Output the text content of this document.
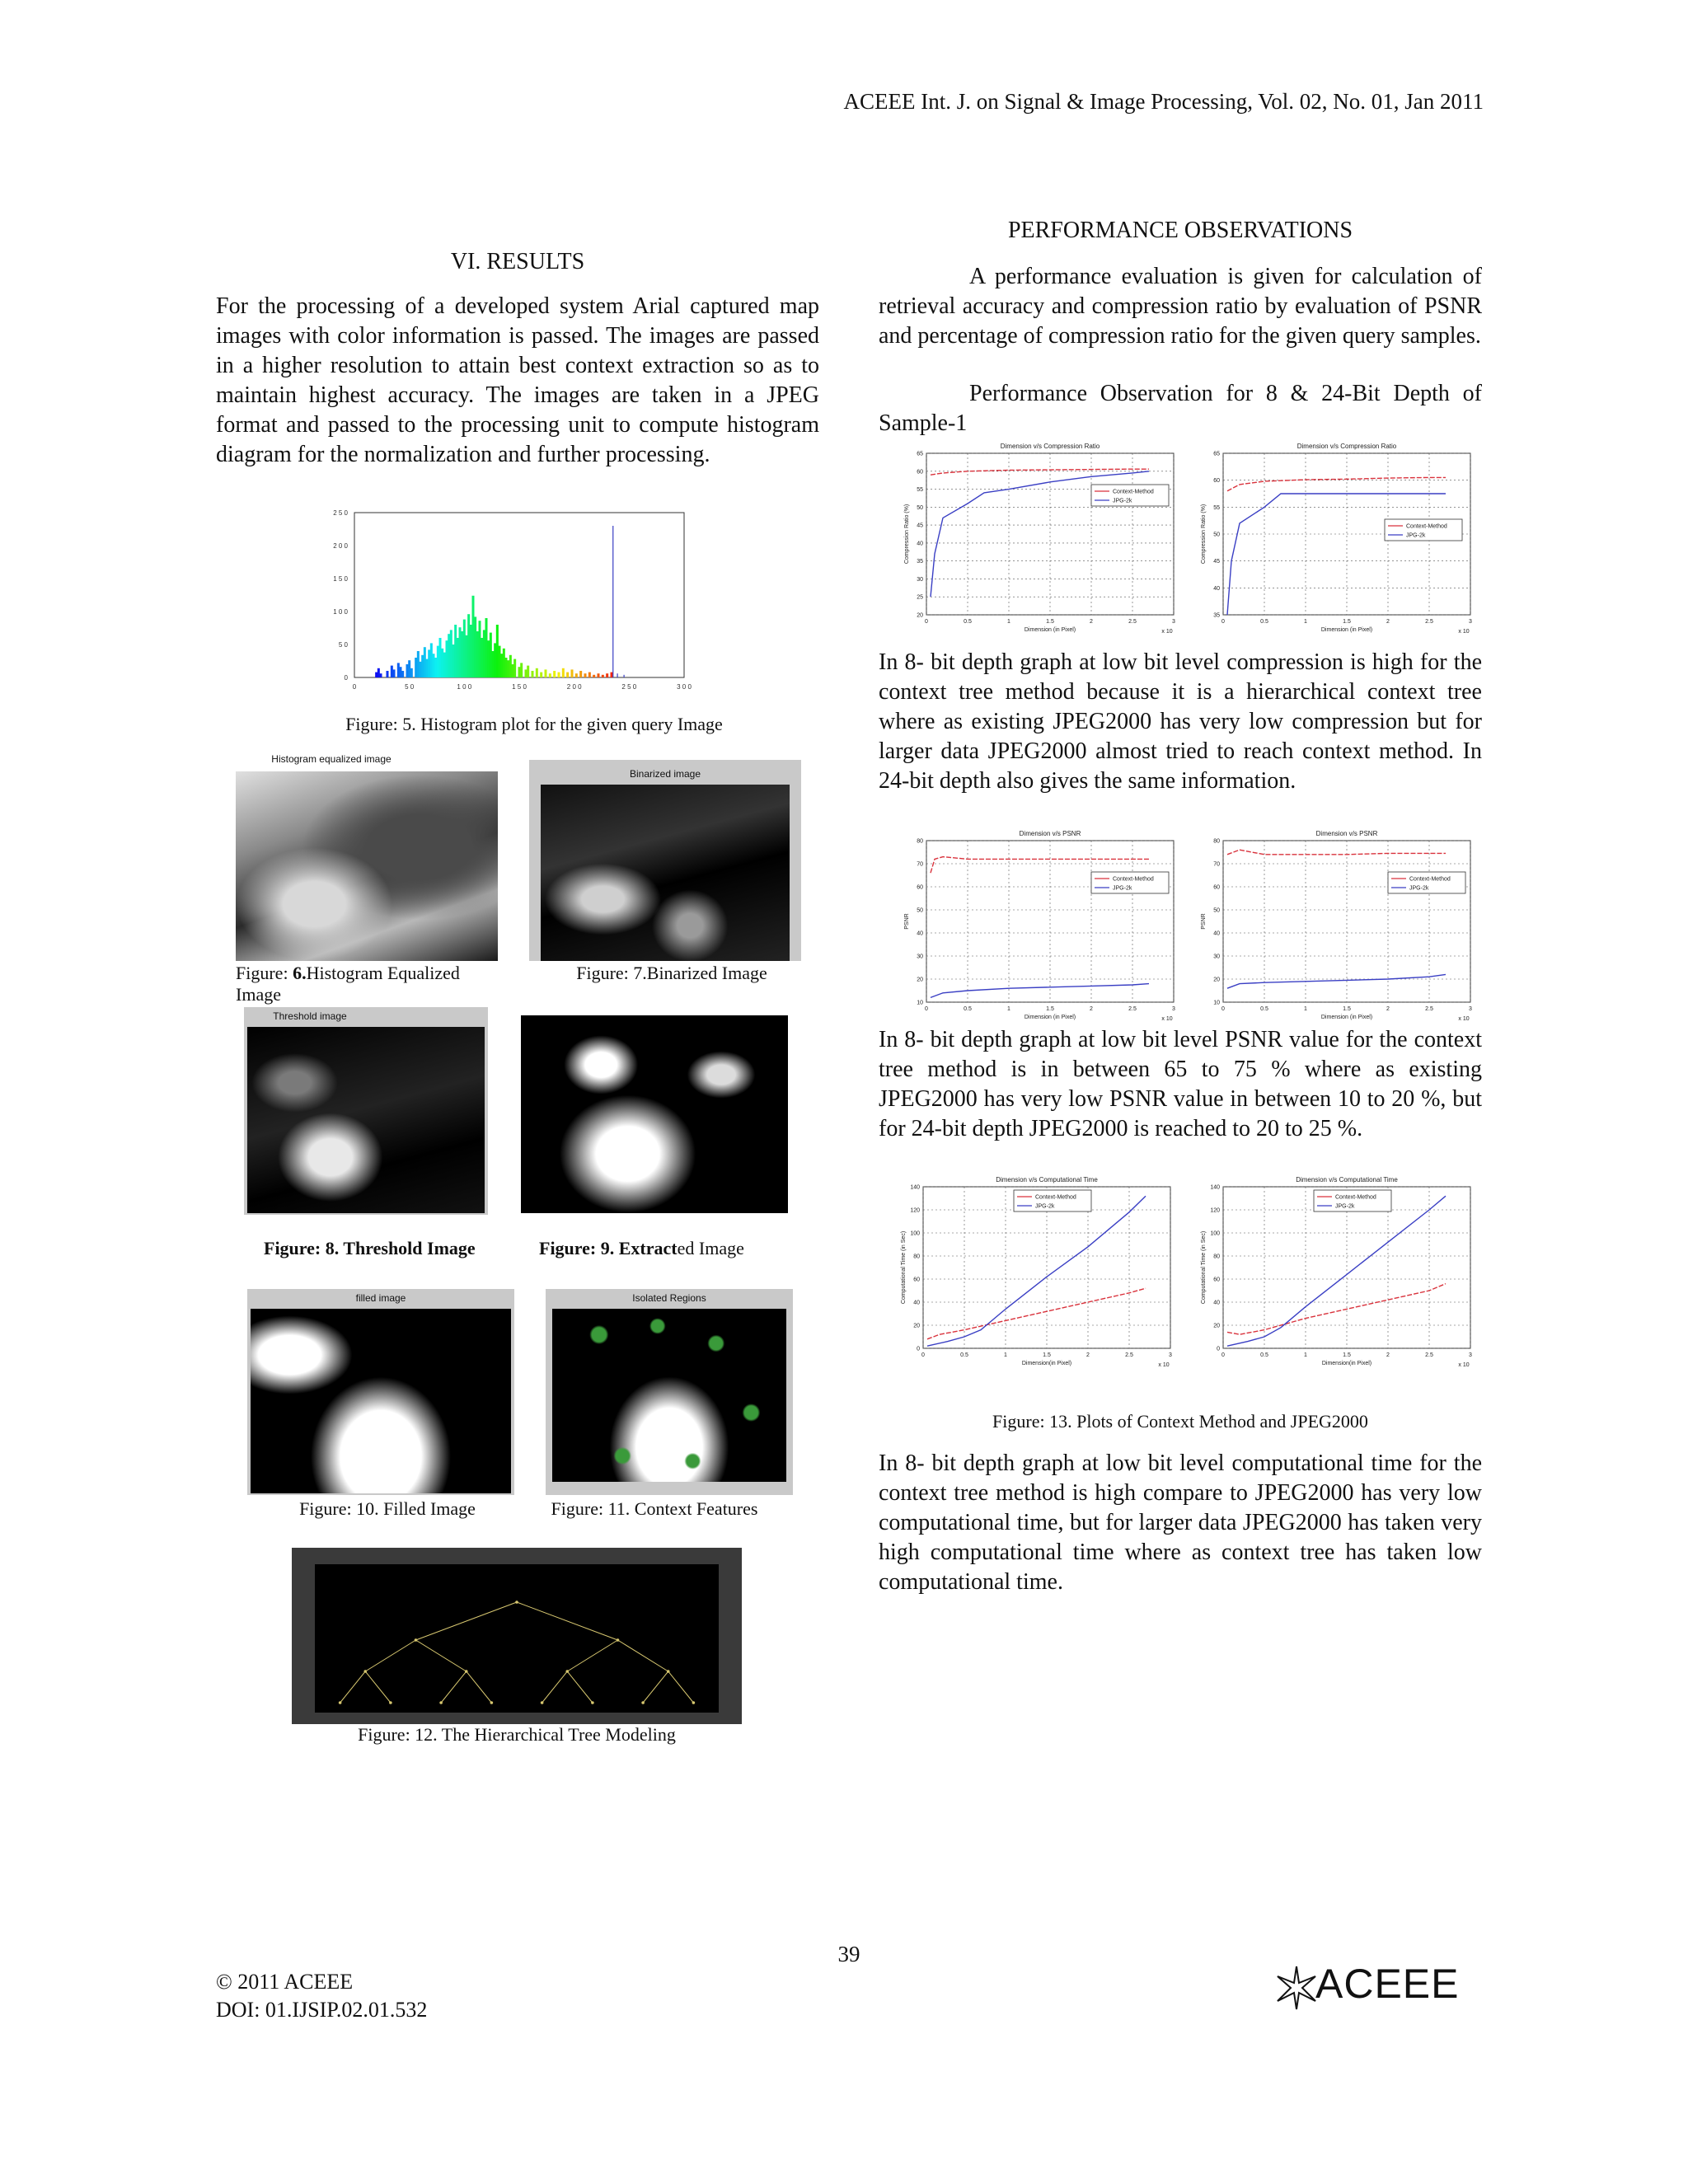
ACEEE Int. J. on Signal & Image Processing, Vol. 02, No. 01, Jan 2011
VI. RESULTS
For the processing of a developed system Arial captured map images with color information is passed. The images are passed in a higher resolution to attain best context extraction so as to maintain highest accuracy. The images are taken in a JPEG format and passed to the processing unit to compute histogram diagram for the normalization and further processing.
0
5 0
1 0 0
1 5 0
2 0 0
2 5 0
0	5 0	1 0 0	1 5 0	2 0 0	2 5 0	3 0 0
Figure: 5. Histogram plot for the given query Image
Histogram equalized image
Binarized image
Figure: 6.Histogram Equalized Image
Figure: 7.Binarized Image
Threshold image
Figure: 8. Threshold Image	Figure: 9. Extracted Image
filled image	Isolated Regions
Figure: 10. Filled Image	Figure: 11. Context Features
Figure: 12. The Hierarchical Tree Modeling
PERFORMANCE OBSERVATIONS
A performance evaluation is given for calculation of retrieval accuracy and compression ratio by evaluation of PSNR and percentage of compression ratio for the given query samples.
Performance Observation for 8 & 24-Bit Depth of Sample-1
Dimension v/s Compression Ratio
0	0.5	1	1.5	2	2.5	3
20
25
30
35
40
45
50
55
60
65
Dimension (in Pixel)	x 10
Compression Ratio (%)
Context-Method
JPG-2k
Dimension v/s Compression Ratio
0	0.5	1	1.5	2	2.5	3
35
40
45
50
55
60
65
Dimension (in Pixel)	x 10
Compression Ratio (%)	Context-Method
JPG-2k
In 8- bit depth graph at low bit level compression is high for the context tree method because it is a hierarchical context tree where as existing JPEG2000 has very low compression but for larger data JPEG2000 almost tried to reach context method. In 24-bit depth also gives the same information.
Dimension v/s PSNR
0	0.5	1	1.5	2	2.5	3
10
20
30
40
50
60
70
80
Dimension (in Pixel)	x 10
PSNR
Context-Method
JPG-2k
Dimension v/s PSNR
0	0.5	1	1.5	2	2.5	3
10
20
30
40
50
60
70
80
Dimension (in Pixel)	x 10
PSNR
Context-Method
JPG-2k
In 8- bit depth graph at low bit level PSNR value for the context tree method is in between 65 to 75 % where as existing JPEG2000 has very low PSNR value in between 10 to 20 %, but for 24-bit depth JPEG2000 is reached to 20 to 25 %.
Dimension v/s Computational Time
0	0.5	1	1.5	2	2.5	3
0
20
40
60
80
100
120
140
Dimension(in Pixel)	x 10
Computational Time (in Sec)
Context-Method
JPG-2k
Dimension v/s Computational Time
0	0.5	1	1.5	2	2.5	3
0
20
40
60
80
100
120
140
Dimension(in Pixel)	x 10
Computational Time (in Sec)
Context-Method
JPG-2k
Figure: 13. Plots of Context Method and JPEG2000
In 8- bit depth graph at low bit level computational time for the context tree method is high compare to JPEG2000 has very low computational time, but for larger data JPEG2000 has taken very high computational time where as context tree has taken low computational time.
39
© 2011 ACEEE
DOI: 01.IJSIP.02.01.532
ACEEE
